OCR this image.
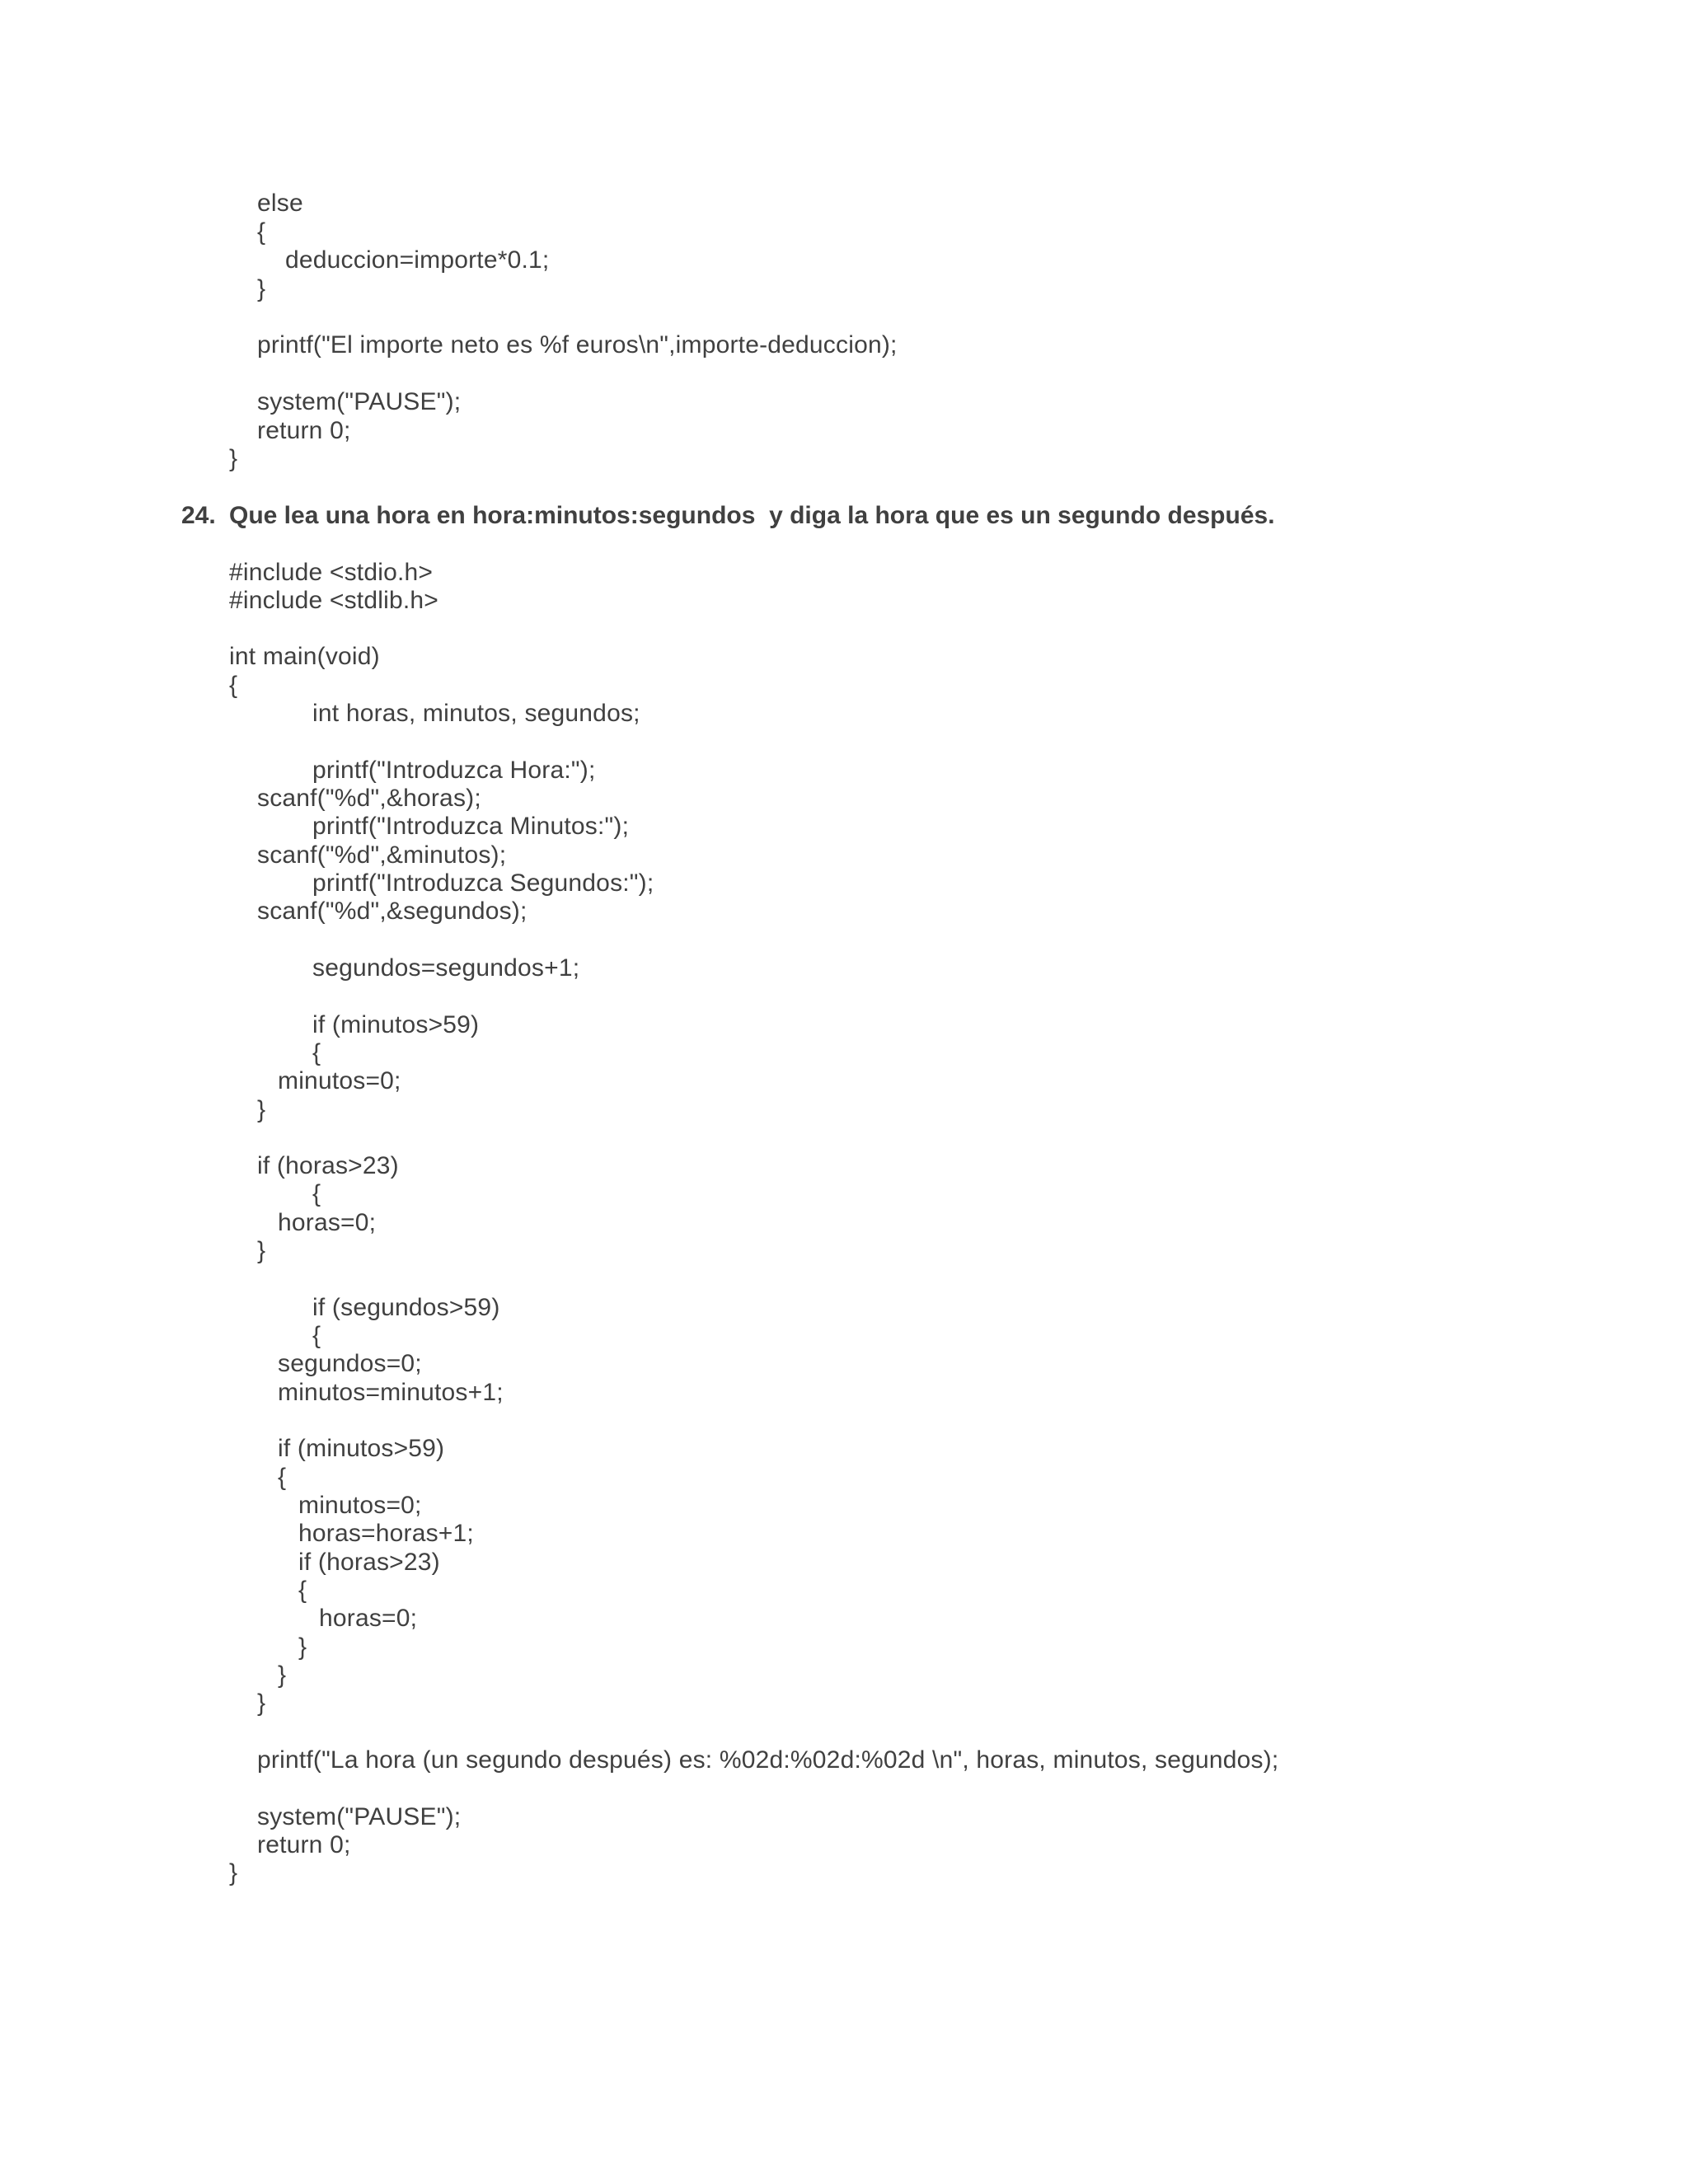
else
{
deduccion=importe*0.1;
}
printf("El importe neto es %f euros\n",importe-deduccion);
system("PAUSE");
return 0;
}
24. Que lea una hora en hora:minutos:segundos  y diga la hora que es un segundo después.
#include <stdio.h>
#include <stdlib.h>
int main(void)
{
int horas, minutos, segundos;
printf("Introduzca Hora:");
scanf("%d",&horas);
printf("Introduzca Minutos:");
scanf("%d",&minutos);
printf("Introduzca Segundos:");
scanf("%d",&segundos);
segundos=segundos+1;
if (minutos>59)
{
minutos=0;
}
if (horas>23)
{
horas=0;
}
if (segundos>59)
{
segundos=0;
minutos=minutos+1;
if (minutos>59)
{
minutos=0;
horas=horas+1;
if (horas>23)
{
horas=0;
}
}
}
printf("La hora (un segundo después) es: %02d:%02d:%02d \n", horas, minutos, segundos);
system("PAUSE");
return 0;
}
